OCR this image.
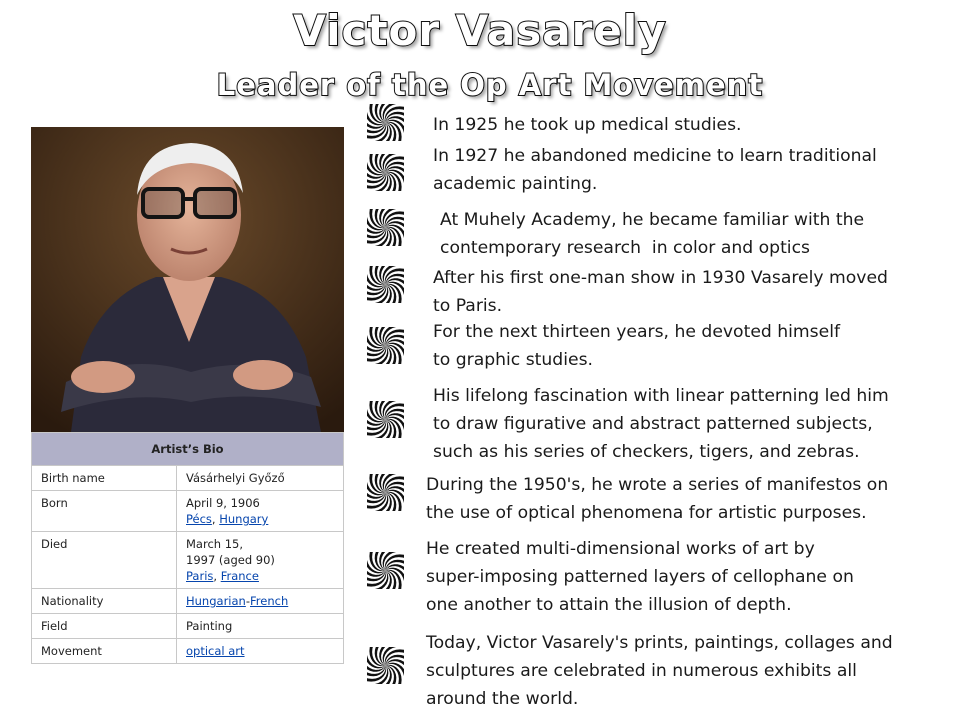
Victor Vasarely
Leader of the Op Art Movement
Artist’s Bio	
Birth name	Vásárhelyi Győző
Born	April 9, 1906
Pécs, Hungary
Died	March 15,
1997 (aged 90)
Paris, France
Nationality	Hungarian-French
Field	Painting
Movement	optical art

In 1925 he took up medical studies.

In 1927 he abandoned medicine to learn traditional
academic painting.

At Muhely Academy, he became familiar with the
contemporary research  in color and optics

After his first one-man show in 1930 Vasarely moved
to Paris.

For the next thirteen years, he devoted himself
to graphic studies.

His lifelong fascination with linear patterning led him
to draw figurative and abstract patterned subjects,
such as his series of checkers, tigers, and zebras.

During the 1950's, he wrote a series of manifestos on
the use of optical phenomena for artistic purposes.

He created multi-dimensional works of art by
super-imposing patterned layers of cellophane on
one another to attain the illusion of depth.

Today, Victor Vasarely's prints, paintings, collages and
sculptures are celebrated in numerous exhibits all
around the world.
